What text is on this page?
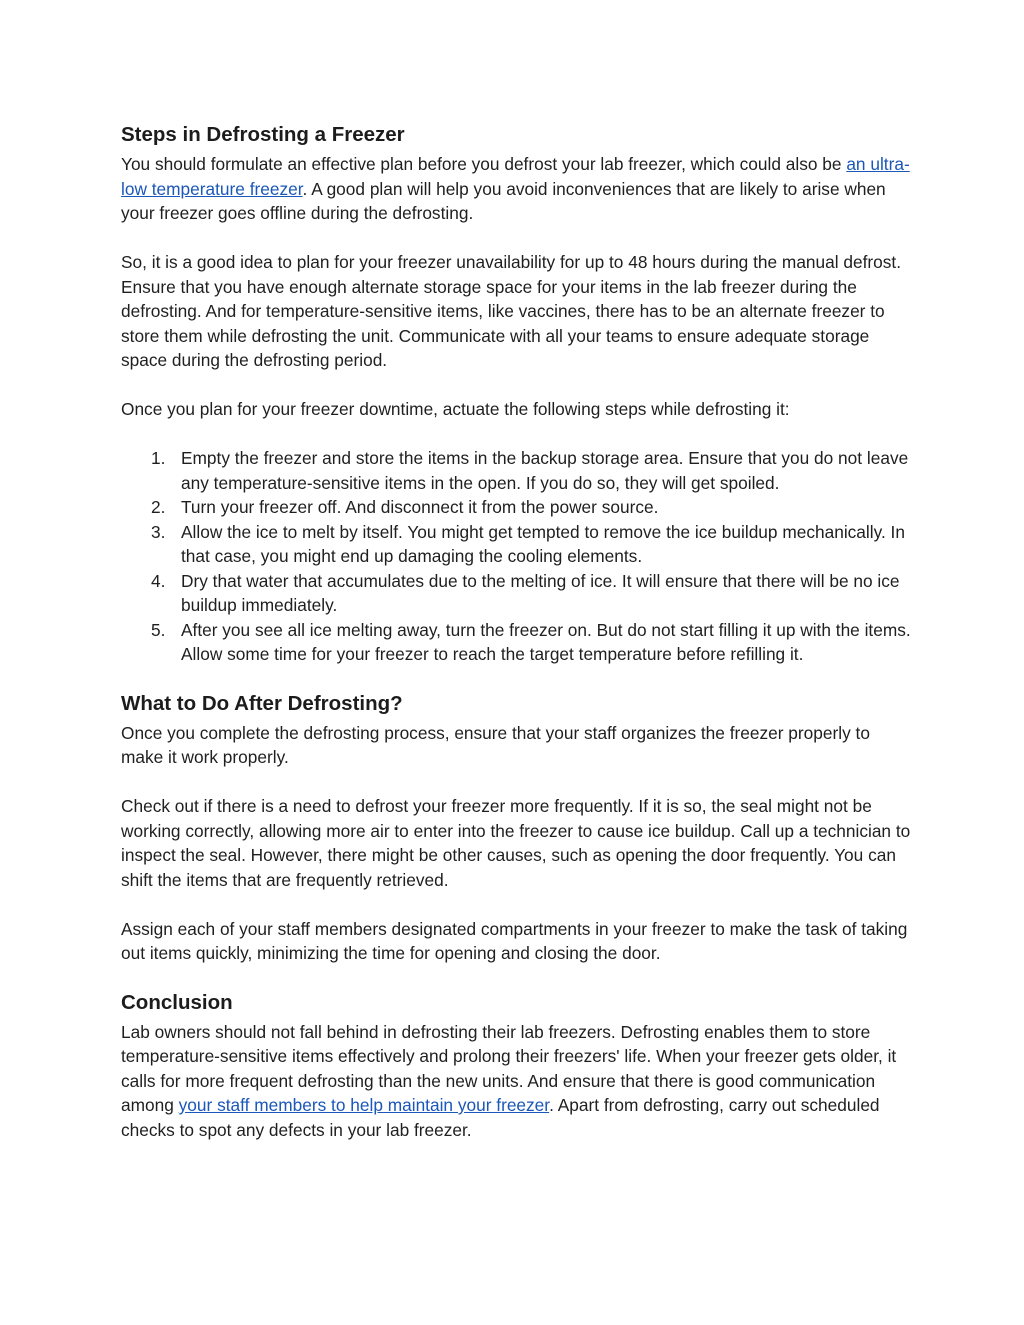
Steps in Defrosting a Freezer

You should formulate an effective plan before you defrost your lab freezer, which could also be an ultra-low temperature freezer. A good plan will help you avoid inconveniences that are likely to arise when your freezer goes offline during the defrosting.

So, it is a good idea to plan for your freezer unavailability for up to 48 hours during the manual defrost. Ensure that you have enough alternate storage space for your items in the lab freezer during the defrosting. And for temperature-sensitive items, like vaccines, there has to be an alternate freezer to store them while defrosting the unit. Communicate with all your teams to ensure adequate storage space during the defrosting period.

Once you plan for your freezer downtime, actuate the following steps while defrosting it:

1. Empty the freezer and store the items in the backup storage area. Ensure that you do not leave any temperature-sensitive items in the open. If you do so, they will get spoiled.
2. Turn your freezer off. And disconnect it from the power source.
3. Allow the ice to melt by itself. You might get tempted to remove the ice buildup mechanically. In that case, you might end up damaging the cooling elements.
4. Dry that water that accumulates due to the melting of ice. It will ensure that there will be no ice buildup immediately.
5. After you see all ice melting away, turn the freezer on. But do not start filling it up with the items. Allow some time for your freezer to reach the target temperature before refilling it.
What to Do After Defrosting?

Once you complete the defrosting process, ensure that your staff organizes the freezer properly to make it work properly.

Check out if there is a need to defrost your freezer more frequently. If it is so, the seal might not be working correctly, allowing more air to enter into the freezer to cause ice buildup. Call up a technician to inspect the seal. However, there might be other causes, such as opening the door frequently. You can shift the items that are frequently retrieved.

Assign each of your staff members designated compartments in your freezer to make the task of taking out items quickly, minimizing the time for opening and closing the door.

Conclusion

Lab owners should not fall behind in defrosting their lab freezers. Defrosting enables them to store temperature-sensitive items effectively and prolong their freezers' life. When your freezer gets older, it calls for more frequent defrosting than the new units. And ensure that there is good communication among your staff members to help maintain your freezer. Apart from defrosting, carry out scheduled checks to spot any defects in your lab freezer.
